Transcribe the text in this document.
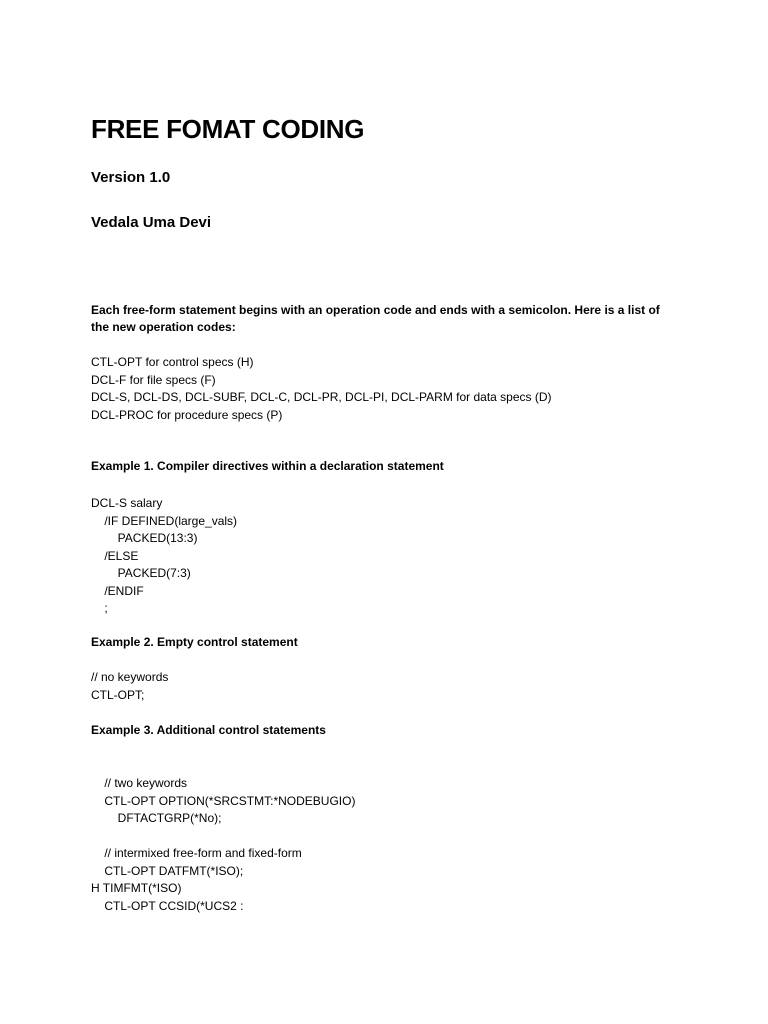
FREE FOMAT CODING

Version 1.0

Vedala Uma Devi

Each free-form statement begins with an operation code and ends with a semicolon. Here is a list of the new operation codes:

CTL-OPT for control specs (H)
DCL-F for file specs (F)
DCL-S, DCL-DS, DCL-SUBF, DCL-C, DCL-PR, DCL-PI, DCL-PARM for data specs (D)
DCL-PROC for procedure specs (P)

Example 1. Compiler directives within a declaration statement

DCL-S salary
/IF DEFINED(large_vals)
PACKED(13:3)
/ELSE
PACKED(7:3)
/ENDIF
;

Example 2. Empty control statement

// no keywords
CTL-OPT;

Example 3. Additional control statements

// two keywords
CTL-OPT OPTION(*SRCSTMT:*NODEBUGIO)
DFTACTGRP(*No);
// intermixed free-form and fixed-form
CTL-OPT DATFMT(*ISO);
H TIMFMT(*ISO)
CTL-OPT CCSID(*UCS2 :
